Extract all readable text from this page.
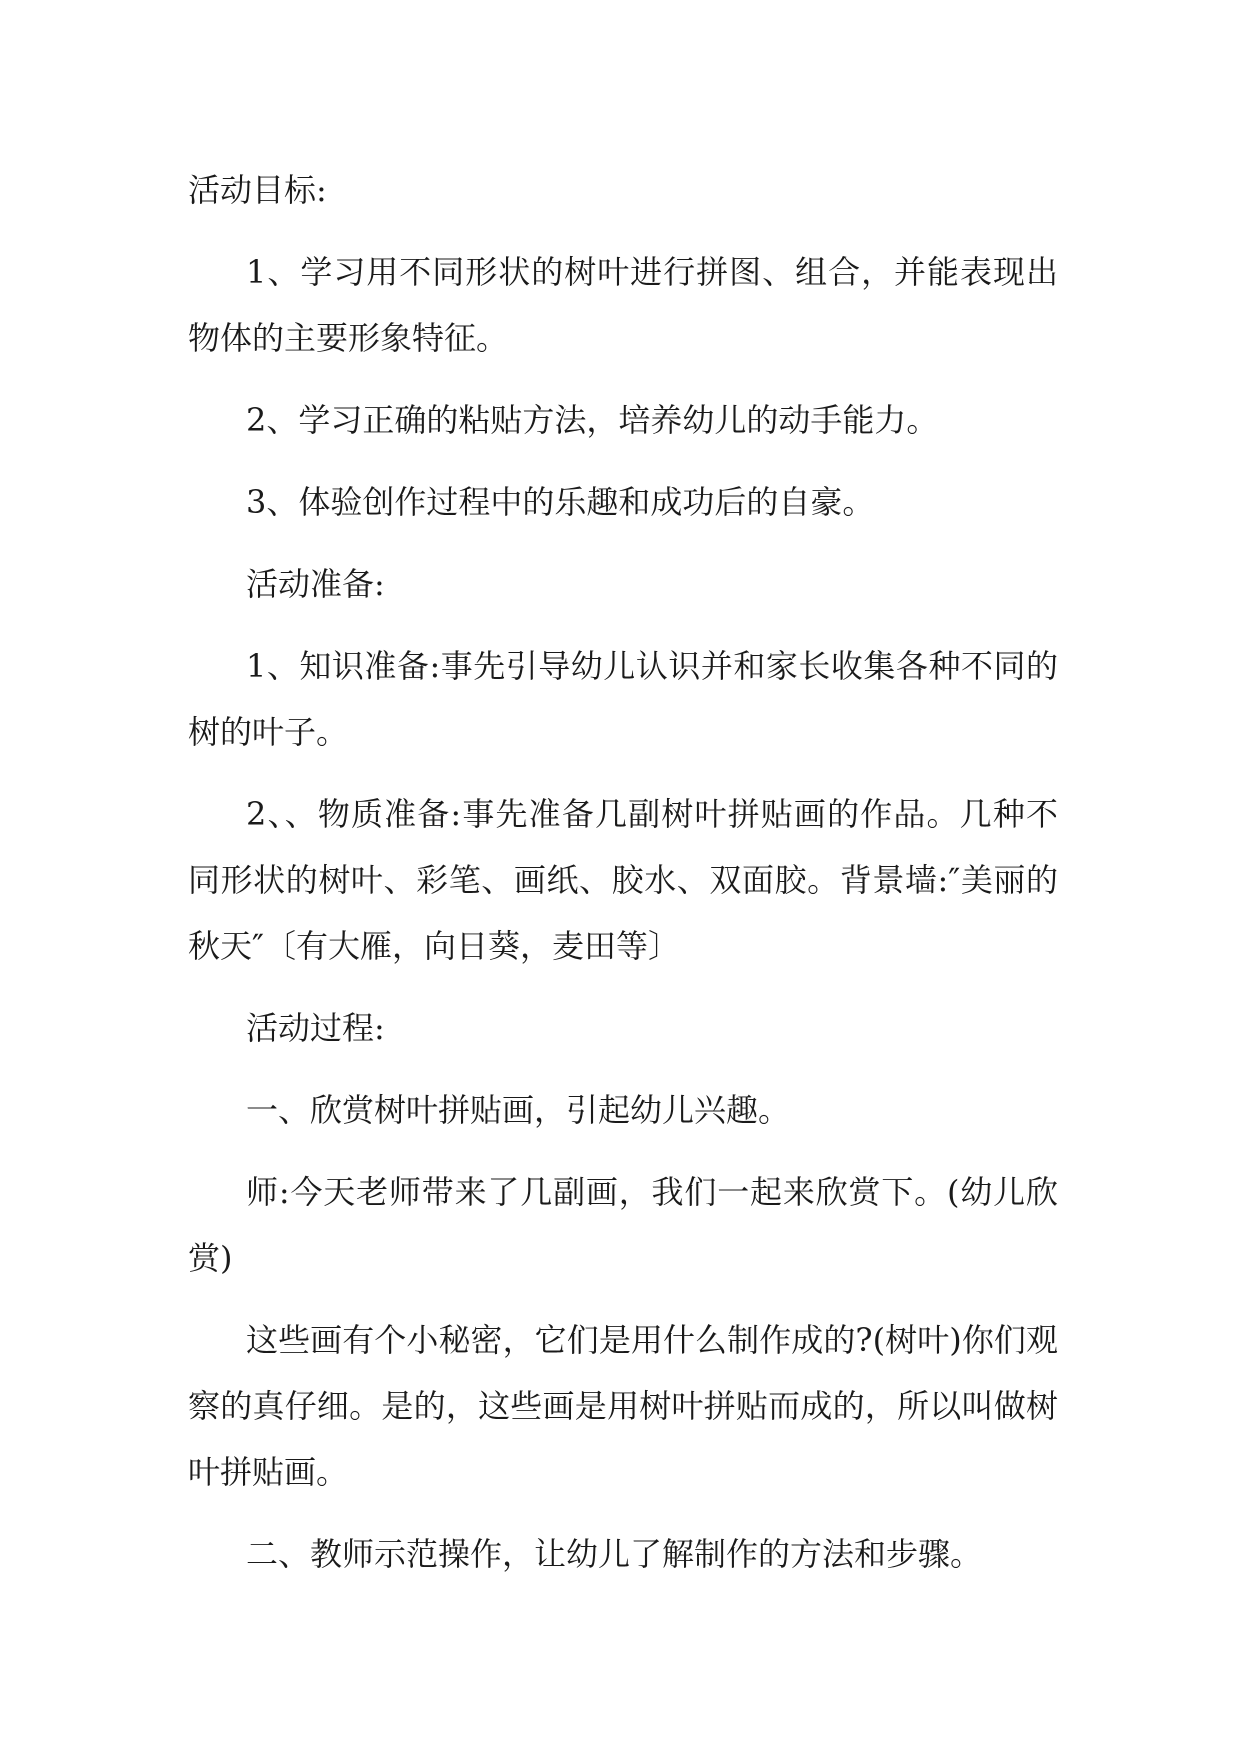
活动目标:

1、学习用不同形状的树叶进行拼图、组合，并能表现出物体的主要形象特征。

2、学习正确的粘贴方法，培养幼儿的动手能力。

3、体验创作过程中的乐趣和成功后的自豪。

活动准备:

1、知识准备:事先引导幼儿认识并和家长收集各种不同的树的叶子。

2、、物质准备:事先准备几副树叶拼贴画的作品。几种不同形状的树叶、彩笔、画纸、胶水、双面胶。背景墙:″美丽的秋天″〔有大雁，向日葵，麦田等〕

活动过程:

一、欣赏树叶拼贴画，引起幼儿兴趣。

师:今天老师带来了几副画，我们一起来欣赏下。(幼儿欣赏)

这些画有个小秘密，它们是用什么制作成的?(树叶)你们观察的真仔细。是的，这些画是用树叶拼贴而成的，所以叫做树叶拼贴画。

二、教师示范操作，让幼儿了解制作的方法和步骤。
